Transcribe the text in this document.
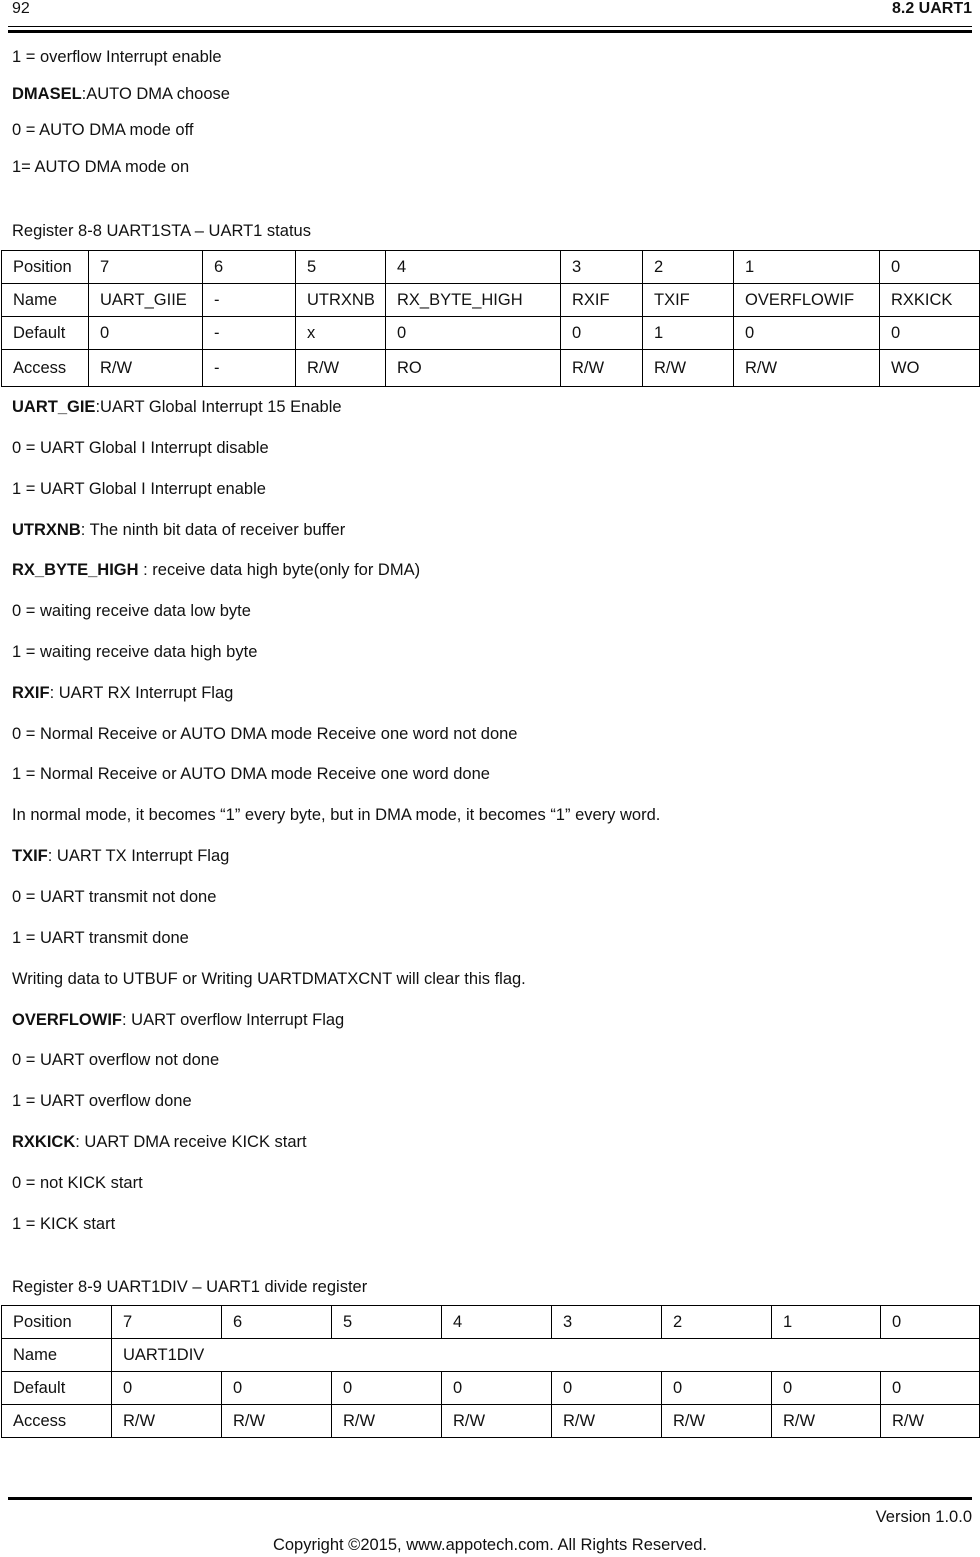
92	8.2 UART1
1 = overflow Interrupt enable
DMASEL:AUTO DMA choose
0 = AUTO DMA mode off
1= AUTO DMA mode on
Register 8-8 UART1STA – UART1 status
Position	7	6	5	4	3	2	1	0
Name	UART_GIIE	-	UTRXNB	RX_BYTE_HIGH	RXIF	TXIF	OVERFLOWIF	RXKICK
Default	0	-	x	0	0	1	0	0
Access	R/W	-	R/W	RO	R/W	R/W	R/W	WO
UART_GIE:UART Global Interrupt 15 Enable
0 = UART Global I Interrupt disable
1 = UART Global I Interrupt enable
UTRXNB: The ninth bit data of receiver buffer
RX_BYTE_HIGH : receive data high byte(only for DMA)
0 = waiting receive data low byte
1 = waiting receive data high byte
RXIF: UART RX Interrupt Flag
0 = Normal Receive or AUTO DMA mode Receive one word not done
1 = Normal Receive or AUTO DMA mode Receive one word done
In normal mode, it becomes “1” every byte, but in DMA mode, it becomes “1” every word.
TXIF: UART TX Interrupt Flag
0 = UART transmit not done
1 = UART transmit done
Writing data to UTBUF or Writing UARTDMATXCNT will clear this flag.
OVERFLOWIF: UART overflow Interrupt Flag
0 = UART overflow not done
1 = UART overflow done
RXKICK: UART DMA receive KICK start
0 = not KICK start
1 = KICK start
Register 8-9 UART1DIV – UART1 divide register
Position	7	6	5	4	3	2	1	0
Name	UART1DIV							
Default	0	0	0	0	0	0	0	0
Access	R/W	R/W	R/W	R/W	R/W	R/W	R/W	R/W
Version 1.0.0
Copyright ©2015, www.appotech.com. All Rights Reserved.
